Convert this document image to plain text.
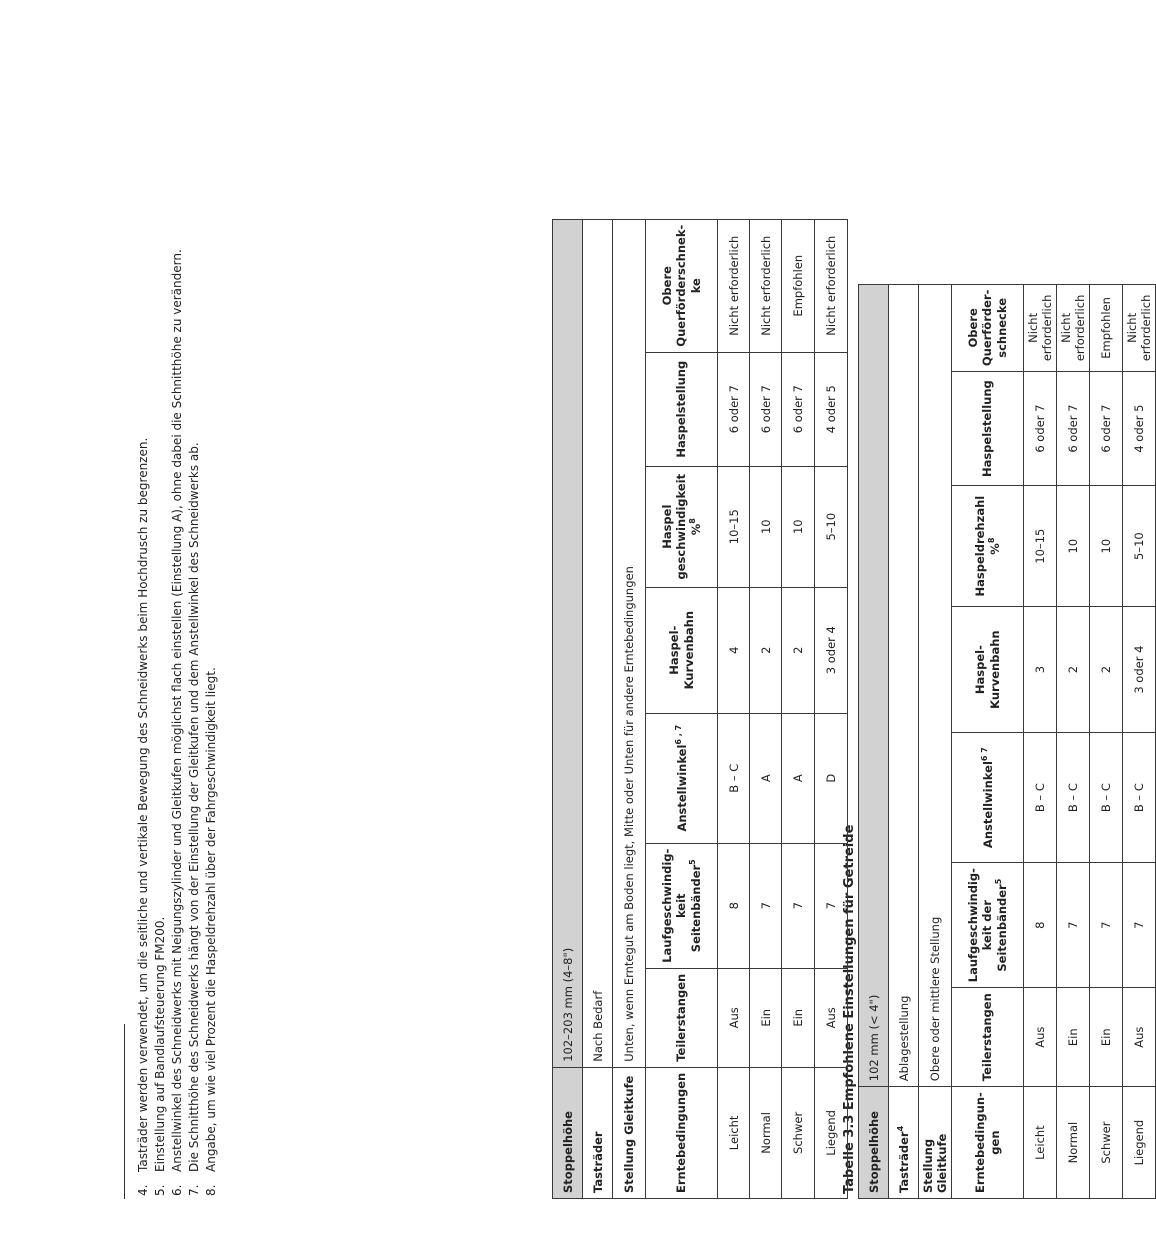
Tabelle 3.3 Empfohlene Einstellungen für Getreide Stoppelhöhe	102 mm (< 4")						
Tasträder$^4$	Ablagestellung						
Stellung Gleitkufe	Obere oder mittlere Stellung						
Erntebedingun-gen	Teilerstangen	Laufgeschwindig-keit der Seitenbänder$^5$	Anstellwinkel$^{6 7}$	Haspel-Kurvenbahn	Haspeldrehzahl %$^8$	Haspelstellung	Obere Querförder-schnecke
Leicht	Aus	8	B – C	3	10–15	6 oder 7	Nicht erforderlich
Normal	Ein	7	B – C	2	10	6 oder 7	Nicht erforderlich
Schwer	Ein	7	B – C	2	10	6 oder 7	Empfohlen
Liegend	Aus	7	B – C	3 oder 4	5–10	4 oder 5	Nicht erforderlich
Stoppelhöhe	102–203 mm (4–8")						
Tasträder	Nach Bedarf						
Stellung Gleitkufe	Unten, wenn Erntegut am Boden liegt, Mitte oder Unten für andere Erntebedingungen						
Erntebedingungen	Teilerstangen	Laufgeschwindig-keit Seitenbänder$^5$	Anstellwinkel$^{6 , 7}$	Haspel-Kurvenbahn	Haspel geschwindigkeit %$^8$	Haspelstellung	Obere Querförderschnek-ke
Leicht	Aus	8	B – C	4	10–15	6 oder 7	Nicht erforderlich
Normal	Ein	7	A	2	10	6 oder 7	Nicht erforderlich
Schwer	Ein	7	A	2	10	6 oder 7	Empfohlen
Liegend	Aus	7	D	3 oder 4	5–10	4 oder 5	Nicht erforderlich
4.Tasträder werden verwendet, um die seitliche und vertikale Bewegung des Schneidwerks beim Hochdrusch zu begrenzen.
5.Einstellung auf Bandlaufsteuerung FM200.
6.Anstellwinkel des Schneidwerks mit Neigungszylinder und Gleitkufen möglichst flach einstellen (Einstellung A), ohne dabei die Schnitthöhe zu verändern.
7.Die Schnitthöhe des Schneidwerks hängt von der Einstellung der Gleitkufen und dem Anstellwinkel des Schneidwerks ab.
8.Angabe, um wie viel Prozent die Haspeldrehzahl über der Fahrgeschwindigkeit liegt.
